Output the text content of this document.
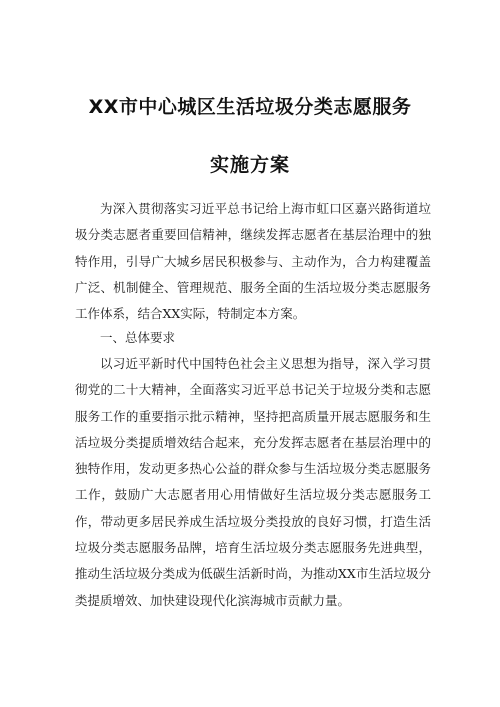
XX市中心城区生活垃圾分类志愿服务
实施方案

为深入贯彻落实习近平总书记给上海市虹口区嘉兴路街道垃圾分类志愿者重要回信精神，继续发挥志愿者在基层治理中的独特作用，引导广大城乡居民积极参与、主动作为，合力构建覆盖广泛、机制健全、管理规范、服务全面的生活垃圾分类志愿服务工作体系，结合XX实际，特制定本方案。

一、总体要求

以习近平新时代中国特色社会主义思想为指导，深入学习贯彻党的二十大精神，全面落实习近平总书记关于垃圾分类和志愿服务工作的重要指示批示精神，坚持把高质量开展志愿服务和生活垃圾分类提质增效结合起来，充分发挥志愿者在基层治理中的独特作用，发动更多热心公益的群众参与生活垃圾分类志愿服务工作，鼓励广大志愿者用心用情做好生活垃圾分类志愿服务工作，带动更多居民养成生活垃圾分类投放的良好习惯，打造生活垃圾分类志愿服务品牌，培育生活垃圾分类志愿服务先进典型，推动生活垃圾分类成为低碳生活新时尚，为推动XX市生活垃圾分类提质增效、加快建设现代化滨海城市贡献力量。
